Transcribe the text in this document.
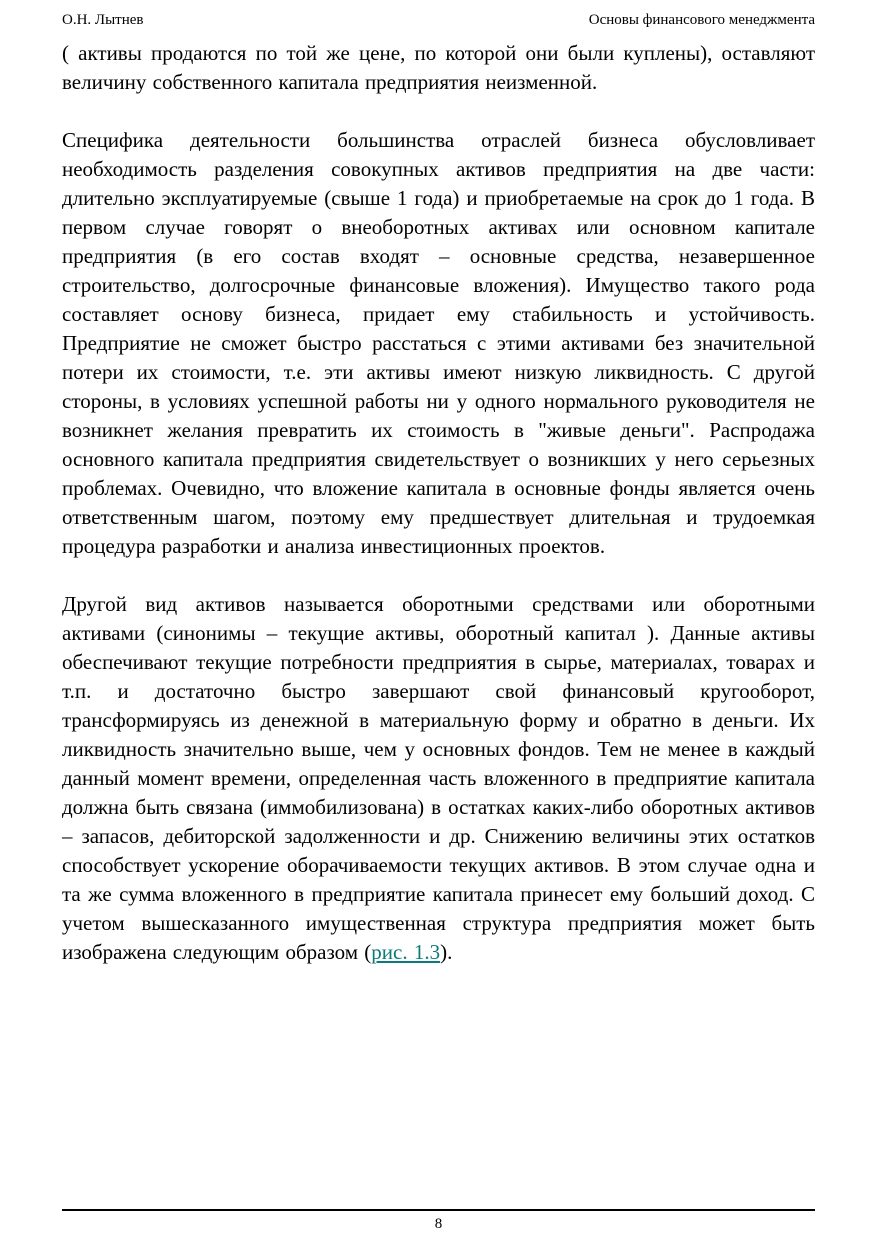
О.Н. Лытнев	Основы финансового менеджмента

( активы продаются по той же цене, по которой они были куплены), оставляют величину собственного капитала предприятия неизменной.

Специфика деятельности большинства отраслей бизнеса обусловливает необходимость разделения совокупных активов предприятия на две части: длительно эксплуатируемые (свыше 1 года) и приобретаемые на срок до 1 года. В первом случае говорят о внеоборотных активах или основном капитале предприятия (в его состав входят – основные средства, незавершенное строительство, долгосрочные финансовые вложения). Имущество такого рода составляет основу бизнеса, придает ему стабильность и устойчивость. Предприятие не сможет быстро расстаться с этими активами без значительной потери их стоимости, т.е. эти активы имеют низкую ликвидность. С другой стороны, в условиях успешной работы ни у одного нормального руководителя не возникнет желания превратить их стоимость в "живые деньги". Распродажа основного капитала предприятия свидетельствует о возникших у него серьезных проблемах. Очевидно, что вложение капитала в основные фонды является очень ответственным шагом, поэтому ему предшествует длительная и трудоемкая процедура разработки и анализа инвестиционных проектов.

Другой вид активов называется оборотными средствами или оборотными активами (синонимы – текущие активы, оборотный капитал ). Данные активы обеспечивают текущие потребности предприятия в сырье, материалах, товарах и т.п. и достаточно быстро завершают свой финансовый кругооборот, трансформируясь из денежной в материальную форму и обратно в деньги. Их ликвидность значительно выше, чем у основных фондов. Тем не менее в каждый данный момент времени, определенная часть вложенного в предприятие капитала должна быть связана (иммобилизована) в остатках каких-либо оборотных активов – запасов, дебиторской задолженности и др. Снижению величины этих остатков способствует ускорение оборачиваемости текущих активов. В этом случае одна и та же сумма вложенного в предприятие капитала принесет ему больший доход. С учетом вышесказанного имущественная структура предприятия может быть изображена следующим образом (рис. 1.3).

8
